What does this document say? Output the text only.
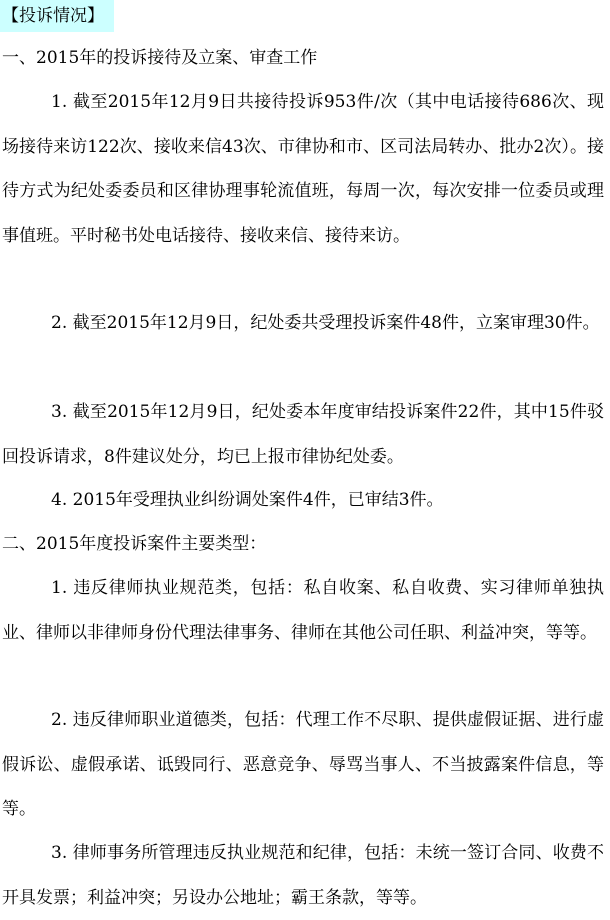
【投诉情况】
一、2015年的投诉接待及立案、审查工作
1. 截至2015年12月9日共接待投诉953件/次（其中电话接待686次、现场接待来访122次、接收来信43次、市律协和市、区司法局转办、批办2次）。接待方式为纪处委委员和区律协理事轮流值班，每周一次，每次安排一位委员或理事值班。平时秘书处电话接待、接收来信、接待来访。
2. 截至2015年12月9日，纪处委共受理投诉案件48件，立案审理30件。
3. 截至2015年12月9日，纪处委本年度审结投诉案件22件，其中15件驳回投诉请求，8件建议处分，均已上报市律协纪处委。
4. 2015年受理执业纠纷调处案件4件，已审结3件。
二、2015年度投诉案件主要类型：
1. 违反律师执业规范类，包括：私自收案、私自收费、实习律师单独执业、律师以非律师身份代理法律事务、律师在其他公司任职、利益冲突，等等。
2. 违反律师职业道德类，包括：代理工作不尽职、提供虚假证据、进行虚假诉讼、虚假承诺、诋毁同行、恶意竞争、辱骂当事人、不当披露案件信息，等等。
3. 律师事务所管理违反执业规范和纪律，包括：未统一签订合同、收费不开具发票；利益冲突；另设办公地址；霸王条款，等等。
